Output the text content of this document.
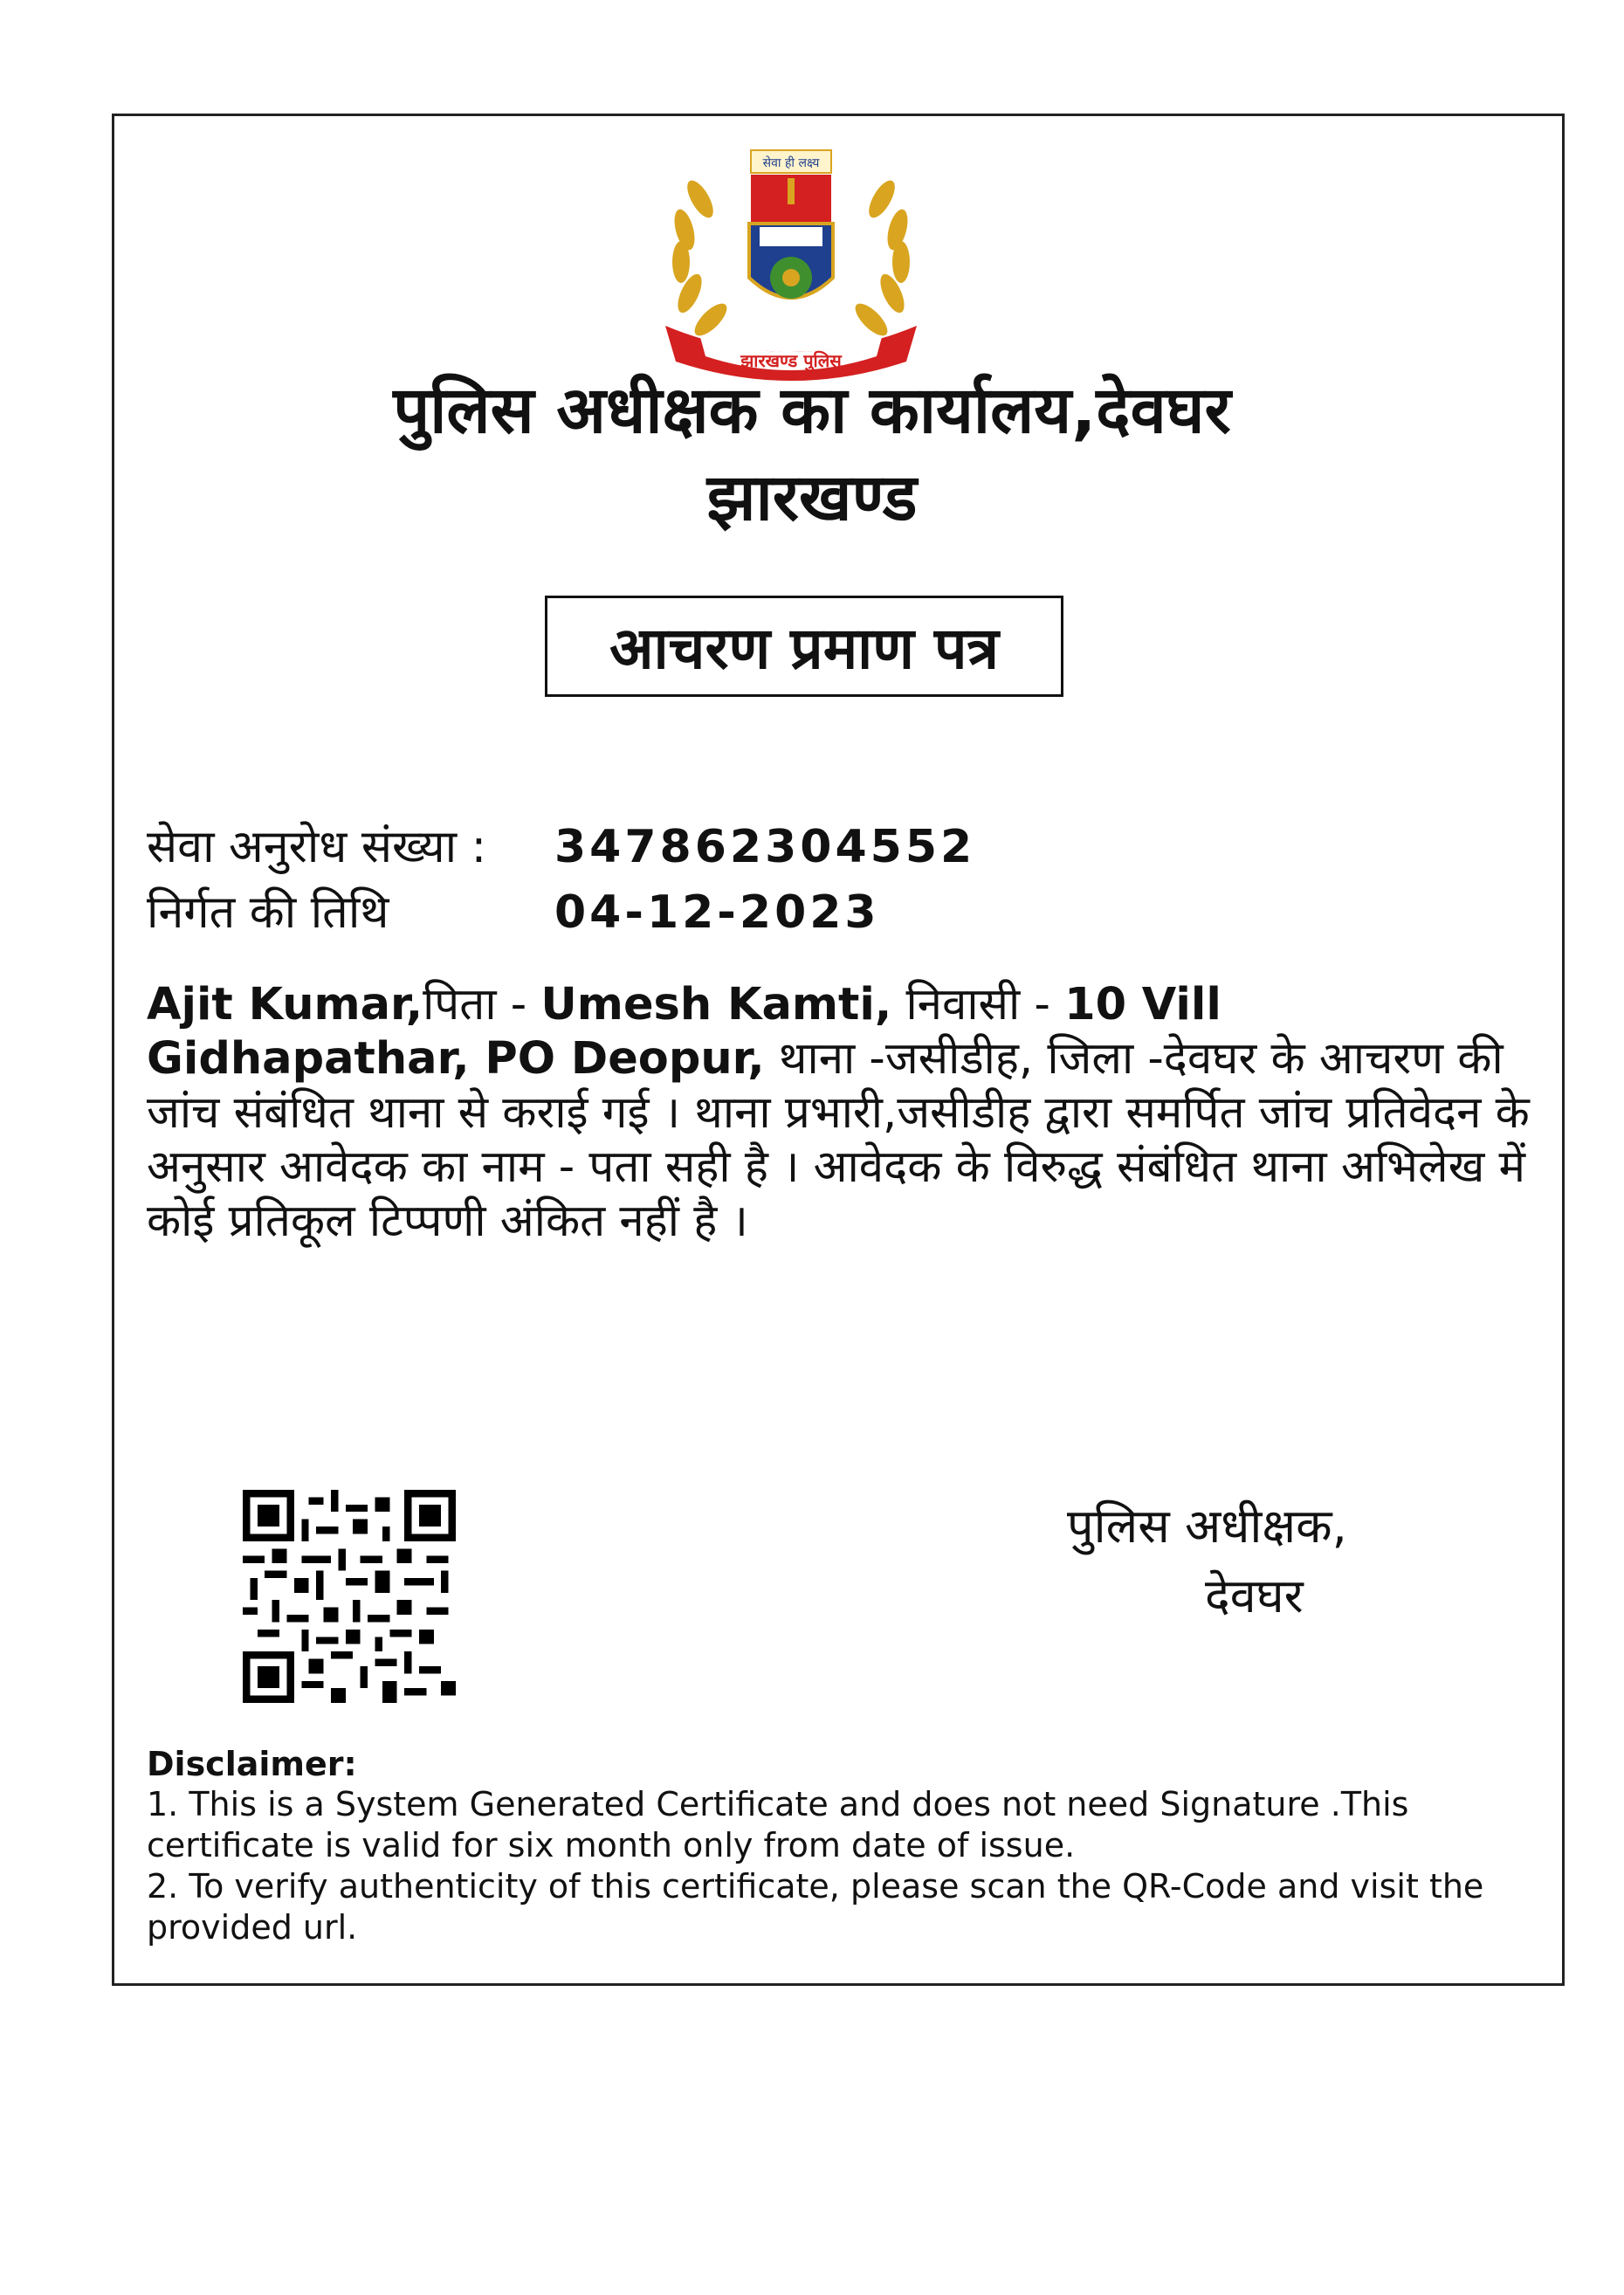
सेवा ही लक्ष्य
झारखण्ड पुलिस
पुलिस अधीक्षक का कार्यालय,देवघर
झारखण्ड
आचरण प्रमाण पत्र
सेवा अनुरोध संख्या :	347862304552
निर्गत की तिथि	04-12-2023
Ajit Kumar,पिता - Umesh Kamti, निवासी - 10 Vill Gidhapathar, PO Deopur, थाना -जसीडीह, जिला -देवघर के आचरण की जांच संबंधित थाना से कराई गई । थाना प्रभारी,जसीडीह द्वारा समर्पित जांच प्रतिवेदन के अनुसार आवेदक का नाम - पता सही है । आवेदक के विरुद्ध संबंधित थाना अभिलेख में कोई प्रतिकूल टिप्पणी अंकित नहीं है ।
पुलिस अधीक्षक,
देवघर
Disclaimer:
1. This is a System Generated Certificate and does not need Signature .This certificate is valid for six month only from date of issue.
2. To verify authenticity of this certificate, please scan the QR-Code and visit the provided url.
